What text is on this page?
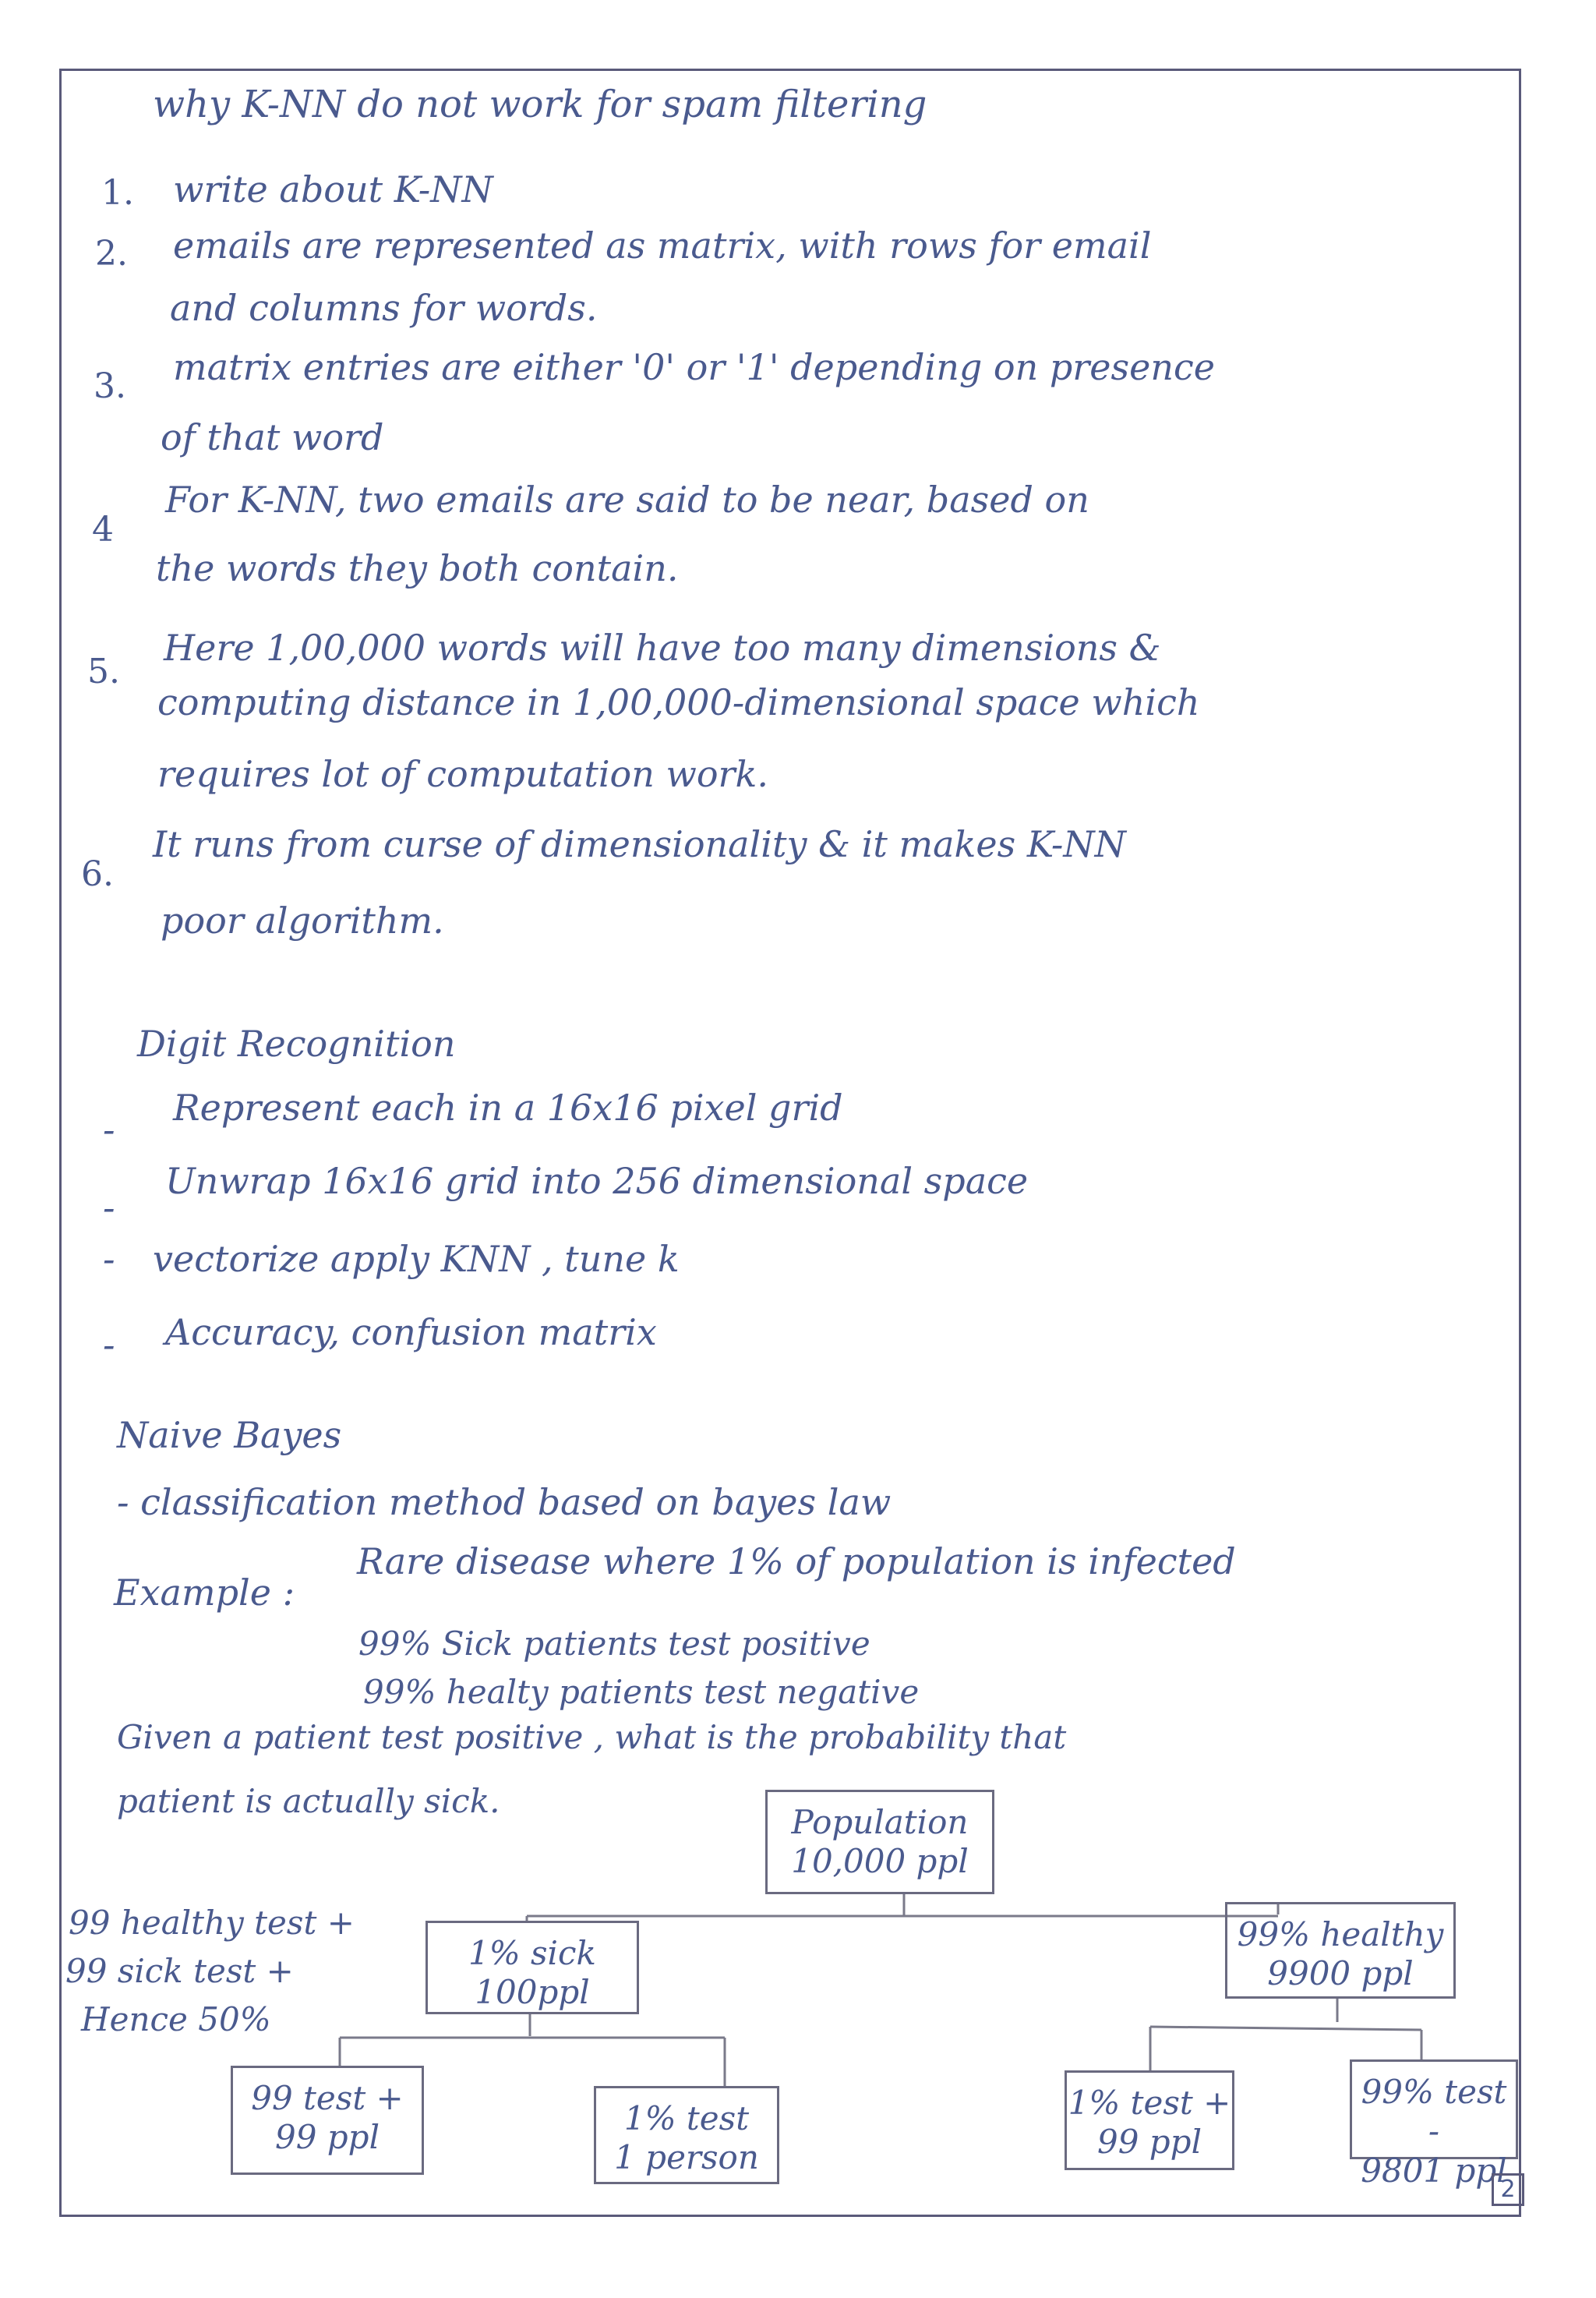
why K-NN do not work for spam filtering
1. write about K-NN
2. emails are represented as matrix, with rows for email
and columns for words.
3. matrix entries are either '0' or '1' depending on presence
of that word
4
For K-NN, two emails are said to be near, based on
the words they both contain.
5.
Here 1,00,000 words will have too many dimensions &
computing distance in 1,00,000-dimensional space which
requires lot of computation work.
6.
It runs from curse of dimensionality & it makes K-NN
poor algorithm.
Digit Recognition
-
Represent each in a 16x16 pixel grid
-
Unwrap 16x16 grid into 256 dimensional space
- vectorize apply KNN , tune k
- Accuracy, confusion matrix
Naive Bayes
- classification method based on bayes law
Example :
Rare disease where 1% of population is infected
99% Sick patients test positive
99% healty patients test negative
Given a patient test positive , what is the probability that
patient is actually sick.
Population
10,000 ppl
1% sick
100ppl
99% healthy
9900 ppl
99 test +
99 ppl	1% test
1 person
1% test +
99 ppl
99% test -
9801 ppl
99 healthy test +
99 sick test +
Hence 50%
2
